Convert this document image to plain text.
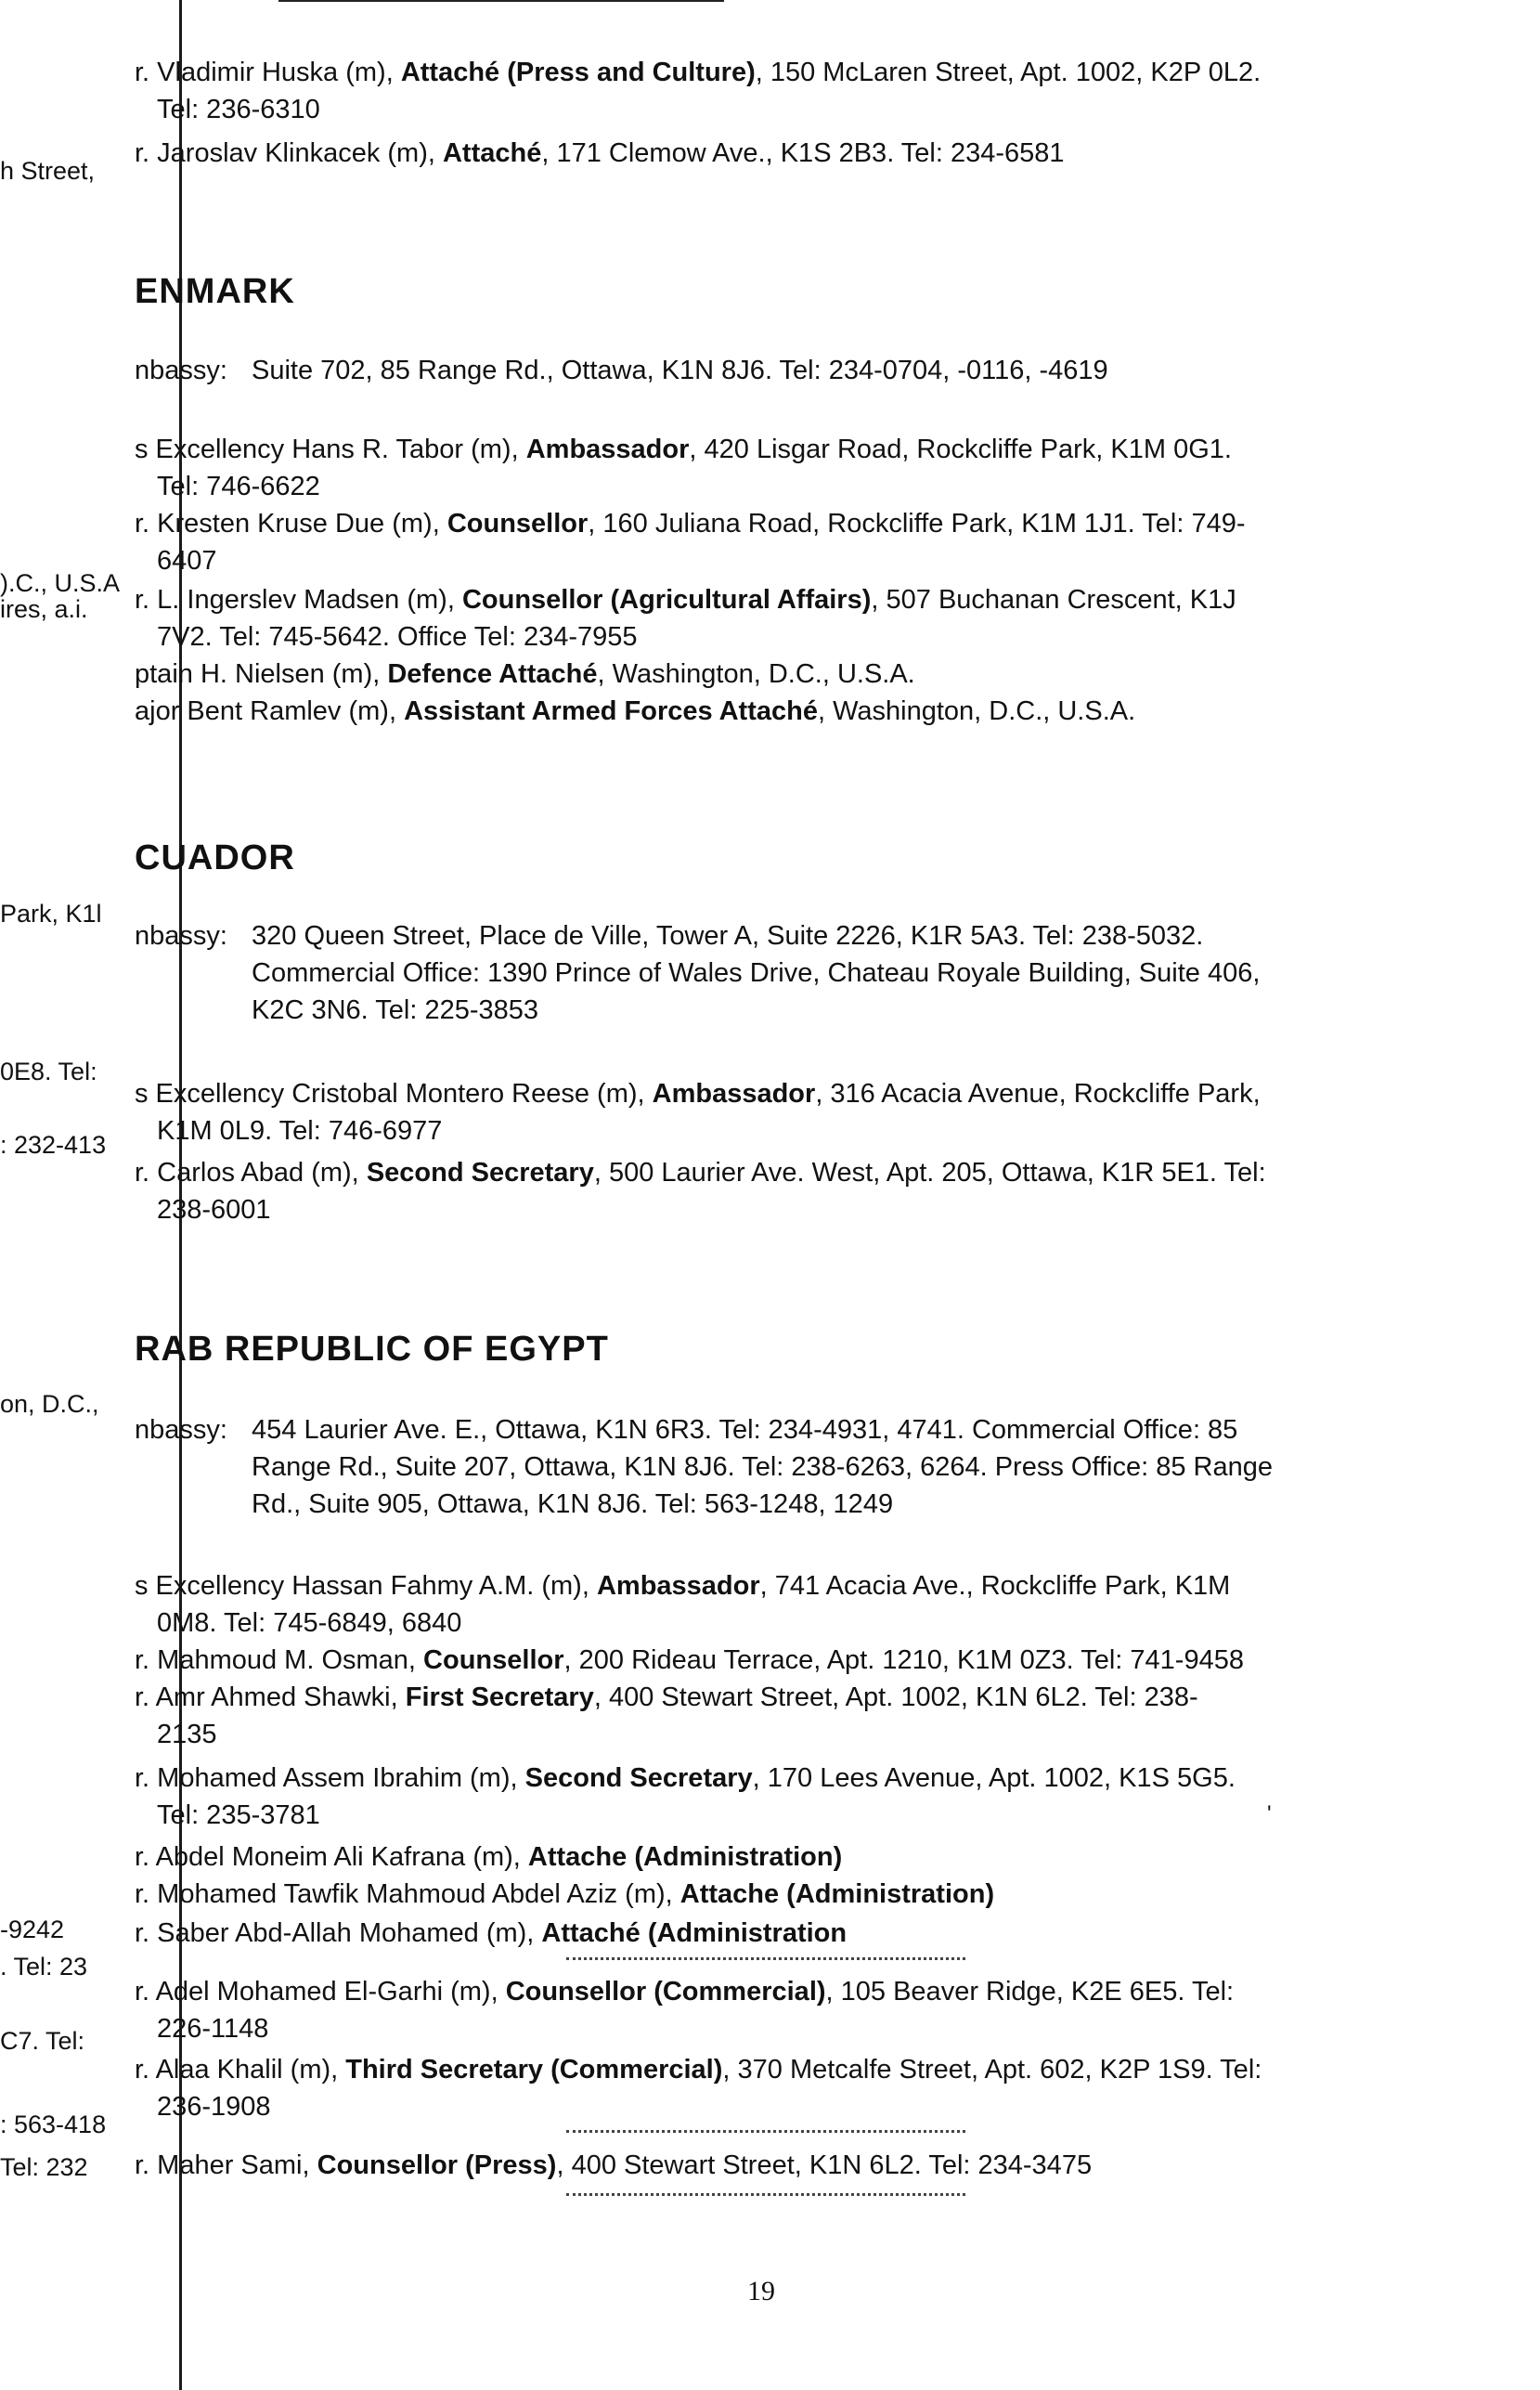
h Street,
).C., U.S.A
ires, a.i.
Park, K1l
0E8. Tel:
: 232-413
on, D.C.,
-9242
. Tel: 23
C7. Tel:
: 563-418
Tel: 232
r. Vladimir Huska (m), Attaché (Press and Culture), 150 McLaren Street, Apt. 1002, K2P 0L2.
Tel: 236-6310
r. Jaroslav Klinkacek (m), Attaché, 171 Clemow Ave., K1S 2B3. Tel: 234-6581
ENMARK
nbassy: Suite 702, 85 Range Rd., Ottawa, K1N 8J6. Tel: 234-0704, -0116, -4619
s Excellency Hans R. Tabor (m), Ambassador, 420 Lisgar Road, Rockcliffe Park, K1M 0G1.
Tel: 746-6622
r. Kresten Kruse Due (m), Counsellor, 160 Juliana Road, Rockcliffe Park, K1M 1J1. Tel: 749-
6407
r. L. Ingerslev Madsen (m), Counsellor (Agricultural Affairs), 507 Buchanan Crescent, K1J
7V2. Tel: 745-5642. Office Tel: 234-7955
ptain H. Nielsen (m), Defence Attaché, Washington, D.C., U.S.A.
ajor Bent Ramlev (m), Assistant Armed Forces Attaché, Washington, D.C., U.S.A.
CUADOR
nbassy: 320 Queen Street, Place de Ville, Tower A, Suite 2226, K1R 5A3. Tel: 238-5032.
Commercial Office: 1390 Prince of Wales Drive, Chateau Royale Building, Suite 406,
K2C 3N6. Tel: 225-3853
s Excellency Cristobal Montero Reese (m), Ambassador, 316 Acacia Avenue, Rockcliffe Park,
K1M 0L9. Tel: 746-6977
r. Carlos Abad (m), Second Secretary, 500 Laurier Ave. West, Apt. 205, Ottawa, K1R 5E1. Tel:
238-6001
RAB REPUBLIC OF EGYPT
nbassy: 454 Laurier Ave. E., Ottawa, K1N 6R3. Tel: 234-4931, 4741. Commercial Office: 85
Range Rd., Suite 207, Ottawa, K1N 8J6. Tel: 238-6263, 6264. Press Office: 85 Range
Rd., Suite 905, Ottawa, K1N 8J6. Tel: 563-1248, 1249
s Excellency Hassan Fahmy A.M. (m), Ambassador, 741 Acacia Ave., Rockcliffe Park, K1M
0M8. Tel: 745-6849, 6840
r. Mahmoud M. Osman, Counsellor, 200 Rideau Terrace, Apt. 1210, K1M 0Z3. Tel: 741-9458
r. Amr Ahmed Shawki, First Secretary, 400 Stewart Street, Apt. 1002, K1N 6L2. Tel: 238-
2135
r. Mohamed Assem Ibrahim (m), Second Secretary, 170 Lees Avenue, Apt. 1002, K1S 5G5.
Tel: 235-3781
r. Abdel Moneim Ali Kafrana (m), Attache (Administration)
r. Mohamed Tawfik Mahmoud Abdel Aziz (m), Attache (Administration)
r. Saber Abd-Allah Mohamed (m), Attaché (Administration
r. Adel Mohamed El-Garhi (m), Counsellor (Commercial), 105 Beaver Ridge, K2E 6E5. Tel:
226-1148
r. Alaa Khalil (m), Third Secretary (Commercial), 370 Metcalfe Street, Apt. 602, K2P 1S9. Tel:
236-1908
r. Maher Sami, Counsellor (Press), 400 Stewart Street, K1N 6L2. Tel: 234-3475
'
19
